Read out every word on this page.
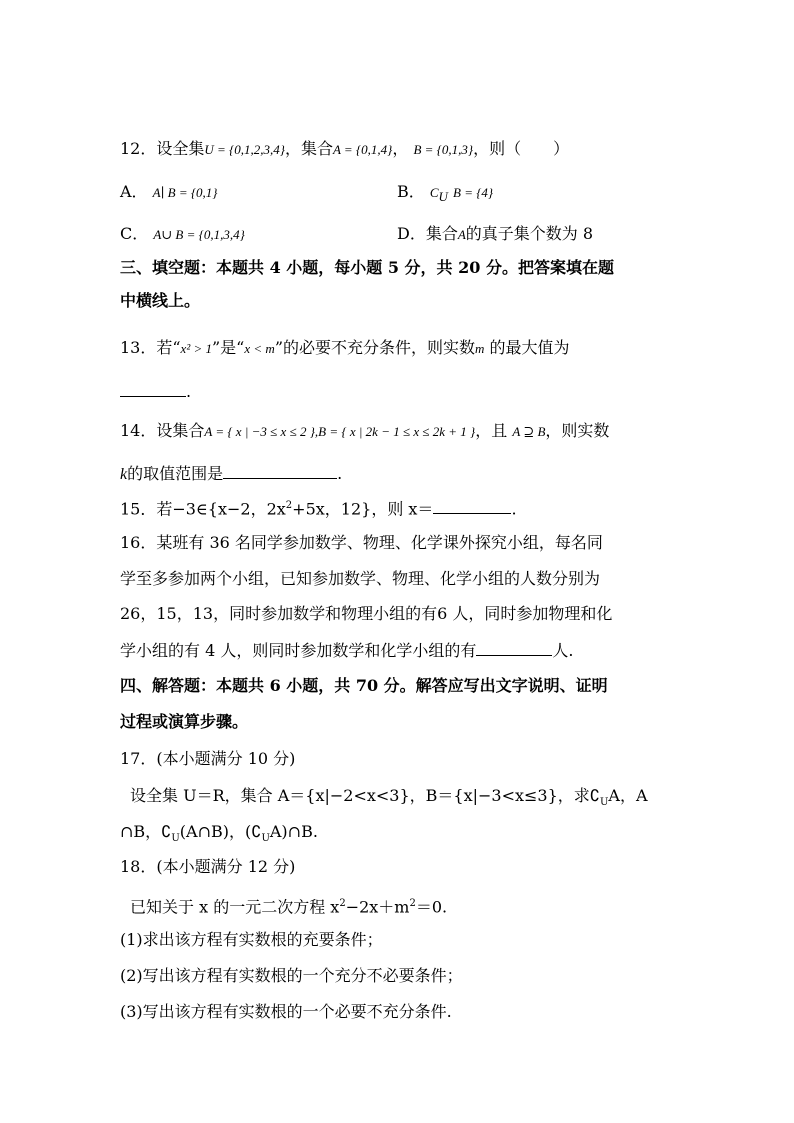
12．设全集U = {0,1,2,3,4}，集合A = {0,1,4}， B = {0,1,3}，则（　　）
A． A∣ B = {0,1}	B． $C_U$ B = {4}
C． A∪ B = {0,1,3,4}	D．集合A的真子集个数为 8
三、填空题：本题共 4 小题，每小题 5 分，共 20 分。把答案填在题
中横线上。
13．若“x² > 1”是“x < m”的必要不充分条件，则实数m 的最大值为
.
14．设集合A = { x | −3 ≤ x ≤ 2 },B = { x | 2k − 1 ≤ x ≤ 2k + 1 }，且 A ⊇ B，则实数
k的取值范围是	.
15．若−3∈{x−2，$2x^2+5x$，12}，则 x＝	.
16．某班有 36 名同学参加数学、物理、化学课外探究小组，每名同
学至多参加两个小组，已知参加数学、物理、化学小组的人数分别为
26，15，13，同时参加数学和物理小组的有6 人，同时参加物理和化
学小组的有 4 人，则同时参加数学和化学小组的有	人.
四、解答题：本题共 6 小题，共 70 分。解答应写出文字说明、证明
过程或演算步骤。
17．(本小题满分 10 分)
设全集 U＝R，集合 A＝{x|−2<x<3}，B＝{x|−3<x≤3}，求$∁_UA$，A
∩B，$∁_U(A\cap B)$，$(∁_UA)\cap B$.
18．(本小题满分 12 分)
已知关于 x 的一元二次方程 $x^2-2x+m^2=0$.
(1)求出该方程有实数根的充要条件；
(2)写出该方程有实数根的一个充分不必要条件；
(3)写出该方程有实数根的一个必要不充分条件.
